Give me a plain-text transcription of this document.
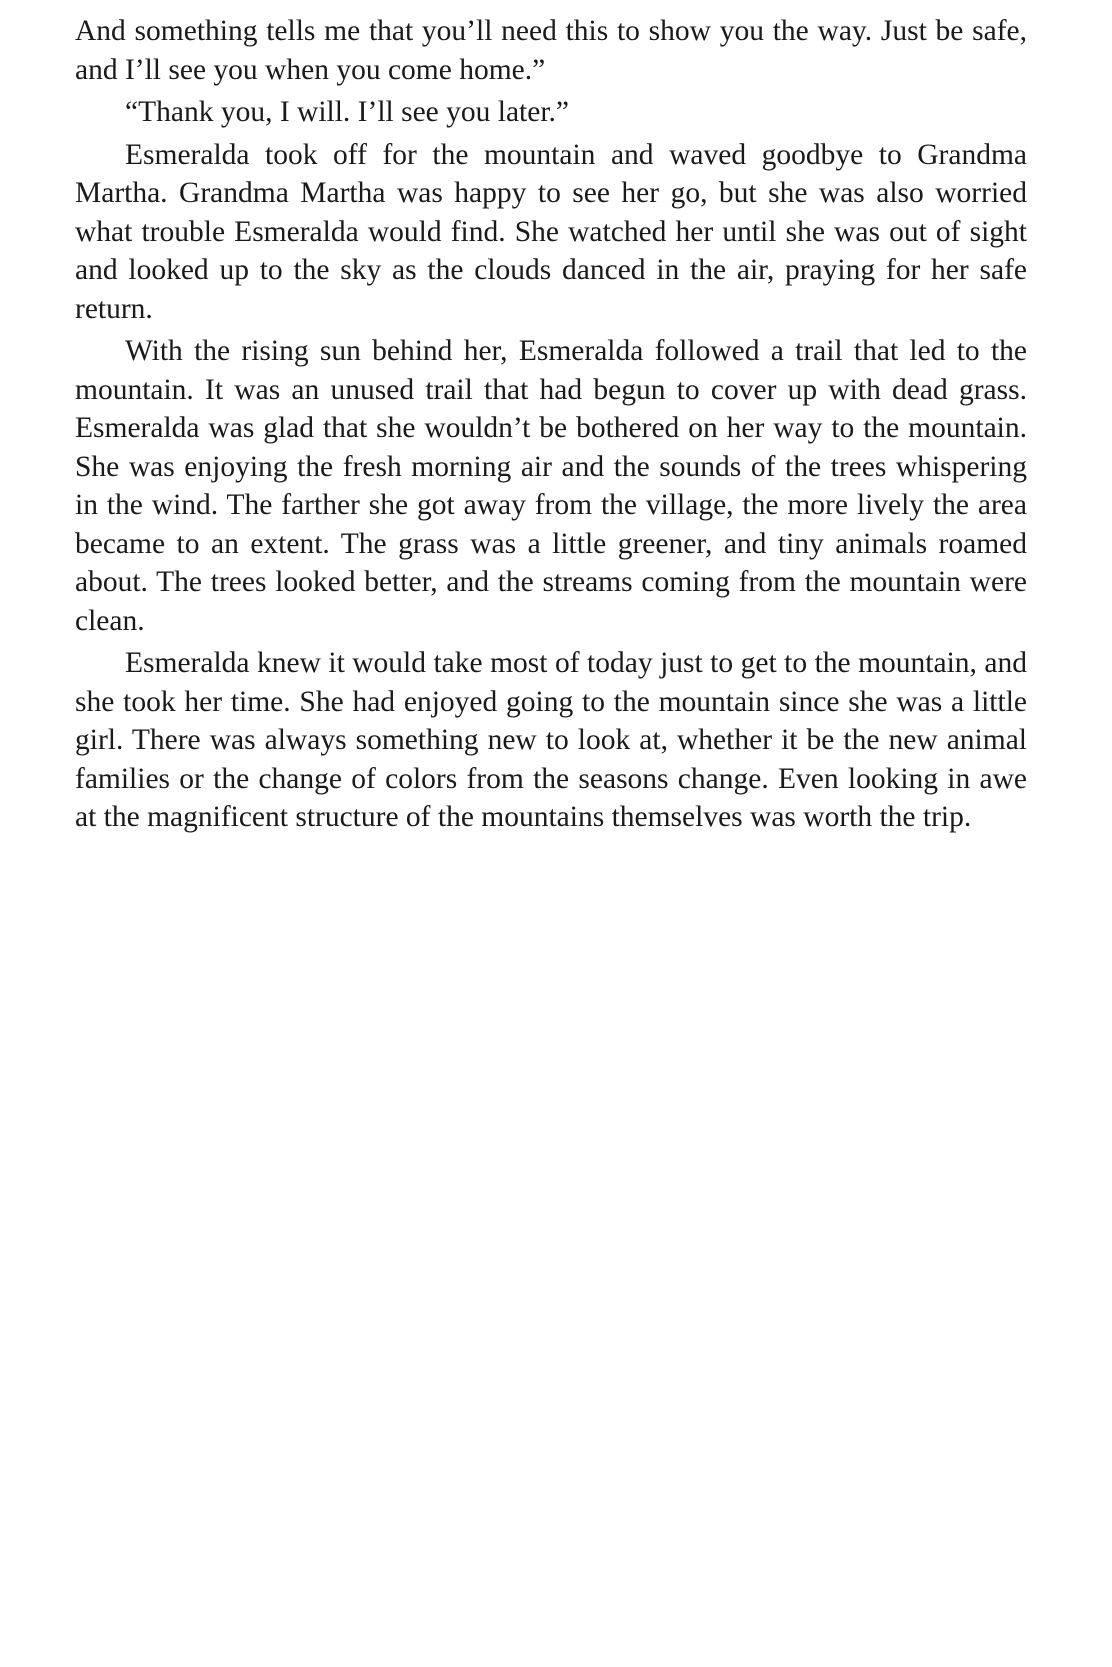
And something tells me that you’ll need this to show you the way. Just be safe, and I’ll see you when you come home.”

“Thank you, I will. I’ll see you later.”

Esmeralda took off for the mountain and waved goodbye to Grandma Martha. Grandma Martha was happy to see her go, but she was also worried what trouble Esmeralda would find. She watched her until she was out of sight and looked up to the sky as the clouds danced in the air, praying for her safe return.

With the rising sun behind her, Esmeralda followed a trail that led to the mountain. It was an unused trail that had begun to cover up with dead grass. Esmeralda was glad that she wouldn’t be bothered on her way to the mountain. She was enjoying the fresh morning air and the sounds of the trees whispering in the wind. The farther she got away from the village, the more lively the area became to an extent. The grass was a little greener, and tiny animals roamed about. The trees looked better, and the streams coming from the mountain were clean.

Esmeralda knew it would take most of today just to get to the mountain, and she took her time. She had enjoyed going to the mountain since she was a little girl. There was always something new to look at, whether it be the new animal families or the change of colors from the seasons change. Even looking in awe at the magnificent structure of the mountains themselves was worth the trip.
